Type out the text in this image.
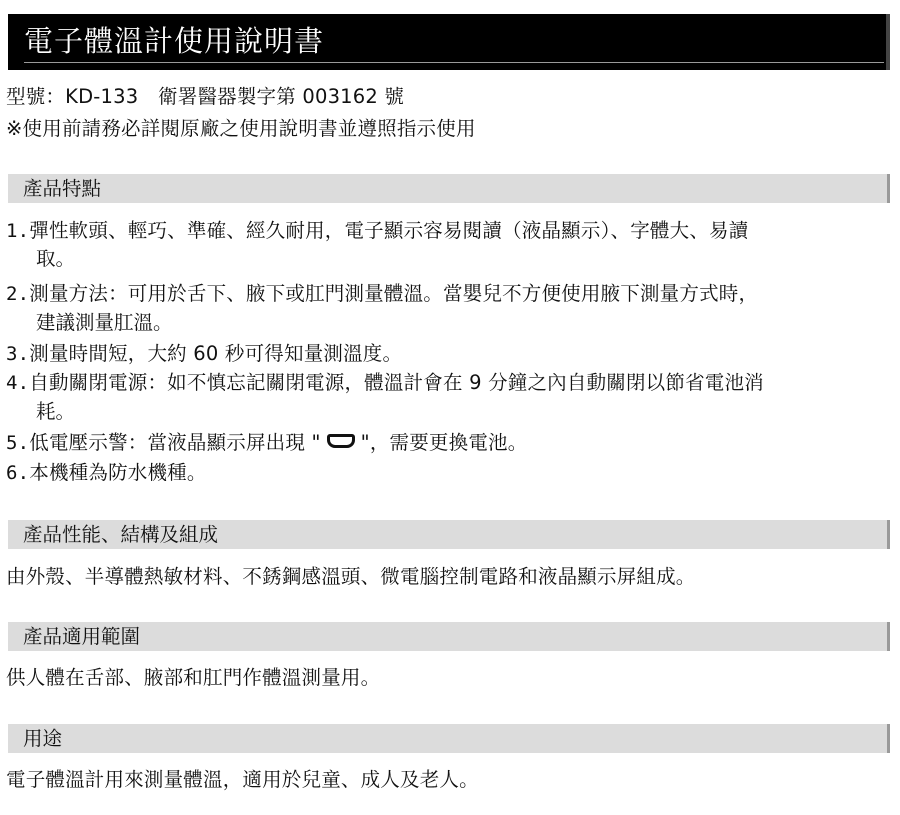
電子體溫計使用說明書
型號：KD-133　衛署醫器製字第 003162 號
※使用前請務必詳閱原廠之使用說明書並遵照指示使用
產品特點
1.彈性軟頭、輕巧、準確、經久耐用，電子顯示容易閱讀（液晶顯示）、字體大、易讀
取。
2.測量方法：可用於舌下、腋下或肛門測量體溫。當嬰兒不方便使用腋下測量方式時，
建議測量肛溫。
3.測量時間短，大約 60 秒可得知量測溫度。
4.自動關閉電源：如不慎忘記關閉電源，體溫計會在 9 分鐘之內自動關閉以節省電池消
耗。
5.低電壓示警：當液晶顯示屏出現 " "，需要更換電池。
6.本機種為防水機種。
產品性能、結構及組成
由外殼、半導體熱敏材料、不銹鋼感溫頭、微電腦控制電路和液晶顯示屏組成。
產品適用範圍
供人體在舌部、腋部和肛門作體溫測量用。
用途
電子體溫計用來測量體溫，適用於兒童、成人及老人。
